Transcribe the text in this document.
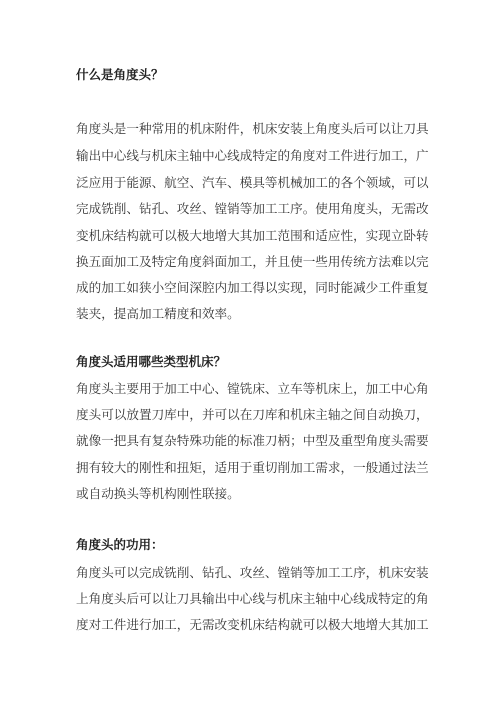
什么是角度头？
角度头是一种常用的机床附件，机床安装上角度头后可以让刀具
输出中心线与机床主轴中心线成特定的角度对工件进行加工，广
泛应用于能源、航空、汽车、模具等机械加工的各个领域，可以
完成铣削、钻孔、攻丝、镗销等加工工序。使用角度头，无需改
变机床结构就可以极大地增大其加工范围和适应性，实现立卧转
换五面加工及特定角度斜面加工，并且使一些用传统方法难以完
成的加工如狭小空间深腔内加工得以实现，同时能减少工件重复
装夹，提高加工精度和效率。
角度头适用哪些类型机床？
角度头主要用于加工中心、镗铣床、立车等机床上，加工中心角
度头可以放置刀库中，并可以在刀库和机床主轴之间自动换刀，
就像一把具有复杂特殊功能的标准刀柄；中型及重型角度头需要
拥有较大的刚性和扭矩，适用于重切削加工需求，一般通过法兰
或自动换头等机构刚性联接。
角度头的功用：
角度头可以完成铣削、钻孔、攻丝、镗销等加工工序，机床安装
上角度头后可以让刀具输出中心线与机床主轴中心线成特定的角
度对工件进行加工，无需改变机床结构就可以极大地增大其加工
